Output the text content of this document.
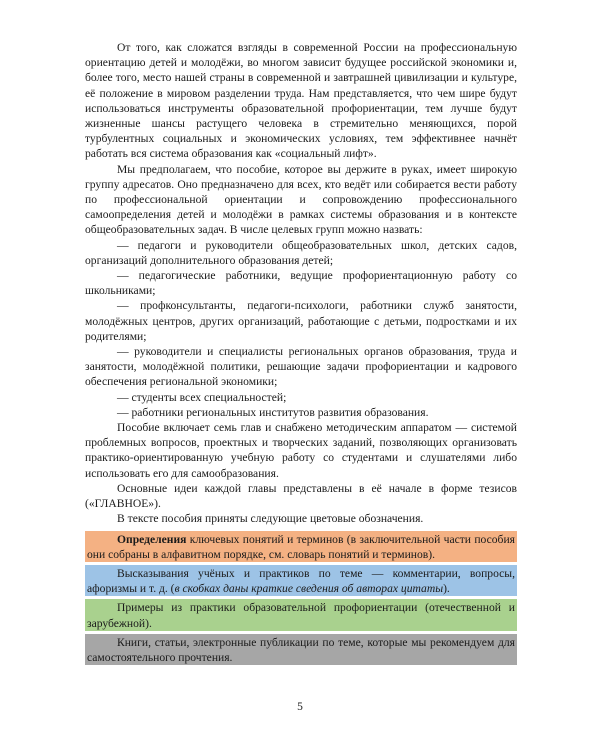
От того, как сложатся взгляды в современной России на профессиональную ориентацию детей и молодёжи, во многом зависит будущее российской экономики и, более того, место нашей страны в современной и завтрашней цивилизации и культуре, её положение в мировом разделении труда. Нам представляется, что чем шире будут использоваться инструменты образовательной профориентации, тем лучше будут жизненные шансы растущего человека в стремительно меняющихся, порой турбулентных социальных и экономических условиях, тем эффективнее начнёт работать вся система образования как «социальный лифт».

Мы предполагаем, что пособие, которое вы держите в руках, имеет широкую группу адресатов. Оно предназначено для всех, кто ведёт или собирается вести работу по профессиональной ориентации и сопровождению профессионального самоопределения детей и молодёжи в рамках системы образования и в контексте общеобразовательных задач. В числе целевых групп можно назвать:

— педагоги и руководители общеобразовательных школ, детских садов, организаций дополнительного образования детей;

— педагогические работники, ведущие профориентационную работу со школьниками;

— профконсультанты, педагоги-психологи, работники служб занятости, молодёжных центров, других организаций, работающие с детьми, подростками и их родителями;

— руководители и специалисты региональных органов образования, труда и занятости, молодёжной политики, решающие задачи профориентации и кадрового обеспечения региональной экономики;

— студенты всех специальностей;

— работники региональных институтов развития образования.

Пособие включает семь глав и снабжено методическим аппаратом — системой проблемных вопросов, проектных и творческих заданий, позволяющих организовать практико-ориентированную учебную работу со студентами и слушателями либо использовать его для самообразования.

Основные идеи каждой главы представлены в её начале в форме тезисов («ГЛАВНОЕ»).

В тексте пособия приняты следующие цветовые обозначения.

Определения ключевых понятий и терминов (в заключительной части пособия они собраны в алфавитном порядке, см. словарь понятий и терминов).

Высказывания учёных и практиков по теме — комментарии, вопросы, афоризмы и т. д. (в скобках даны краткие сведения об авторах цитаты).

Примеры из практики образовательной профориентации (отечественной и зарубежной).

Книги, статьи, электронные публикации по теме, которые мы рекомендуем для самостоятельного прочтения.

5
